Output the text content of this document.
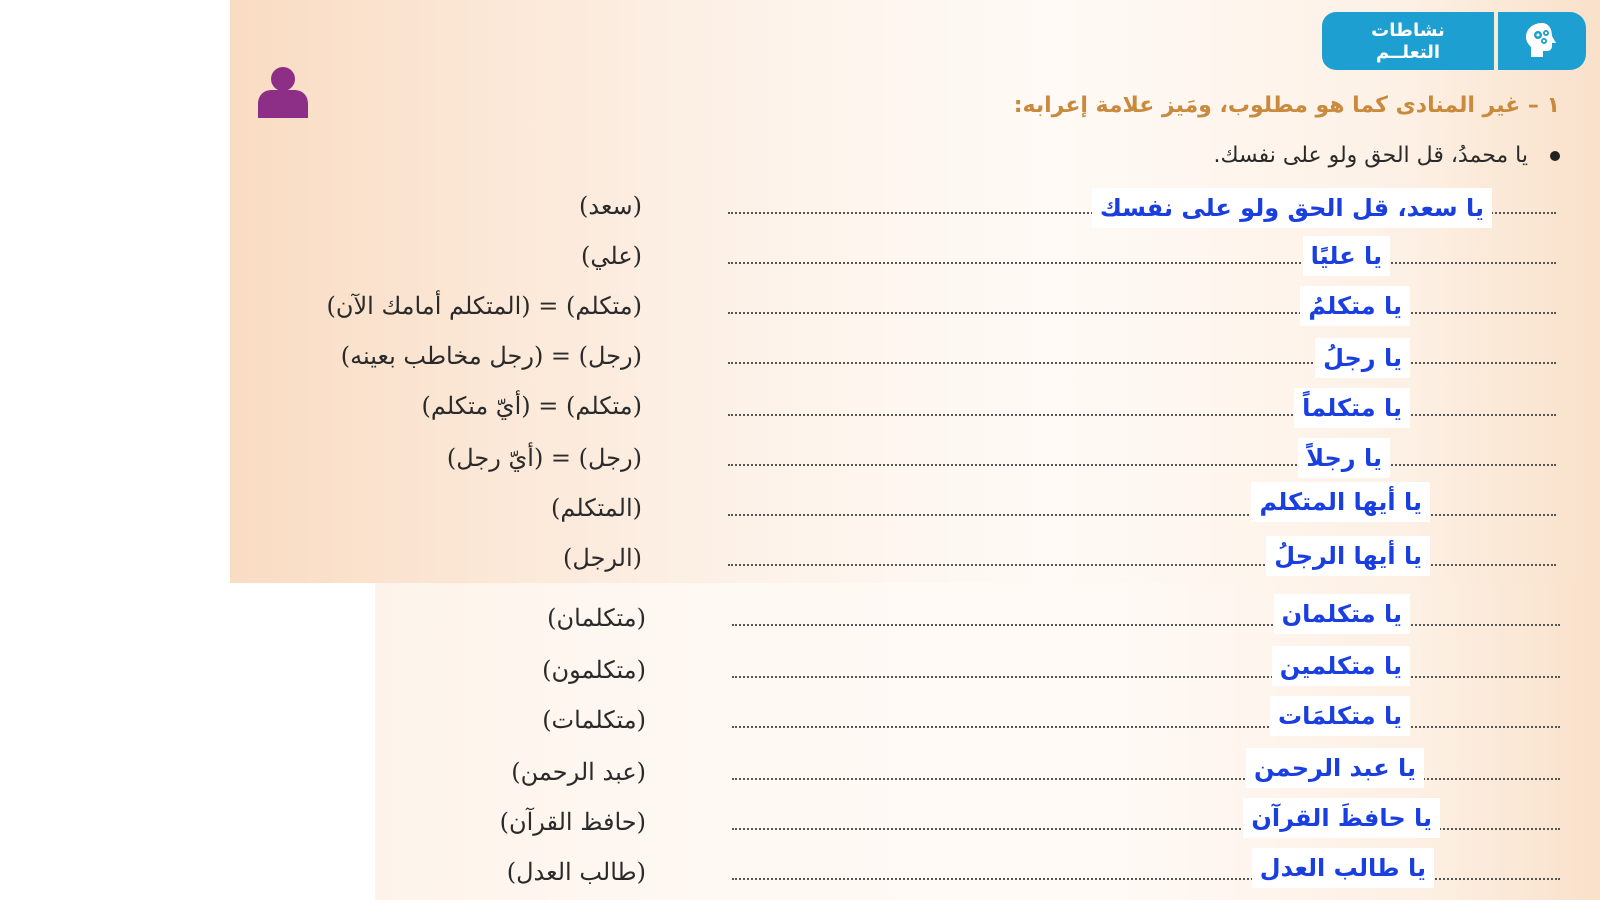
نشاطات
التعلــم
١ – غير المنادى كما هو مطلوب، ومَيز علامة إعرابه:
يا محمدُ، قل الحق ولو على نفسك.
يا سعد، قل الحق ولو على نفسك
(سعد)
يا عليًا
(علي)
يا متكلمُ
(متكلم) = (المتكلم أمامك الآن)
يا رجلُ
(رجل) = (رجل مخاطب بعينه)
يا متكلماً
(متكلم) = (أيّ متكلم)
يا رجلاً
(رجل) = (أيّ رجل)
يا أيها المتكلم
(المتكلم)
يا أيها الرجلُ
(الرجل)
يا متكلمان
(متكلمان)
يا متكلمين
(متكلمون)
يا متكلمَات
(متكلمات)
يا عبد الرحمن
(عبد الرحمن)
يا حافظَ القرآن
(حافظ القرآن)
يا طالب العدل
(طالب العدل)
